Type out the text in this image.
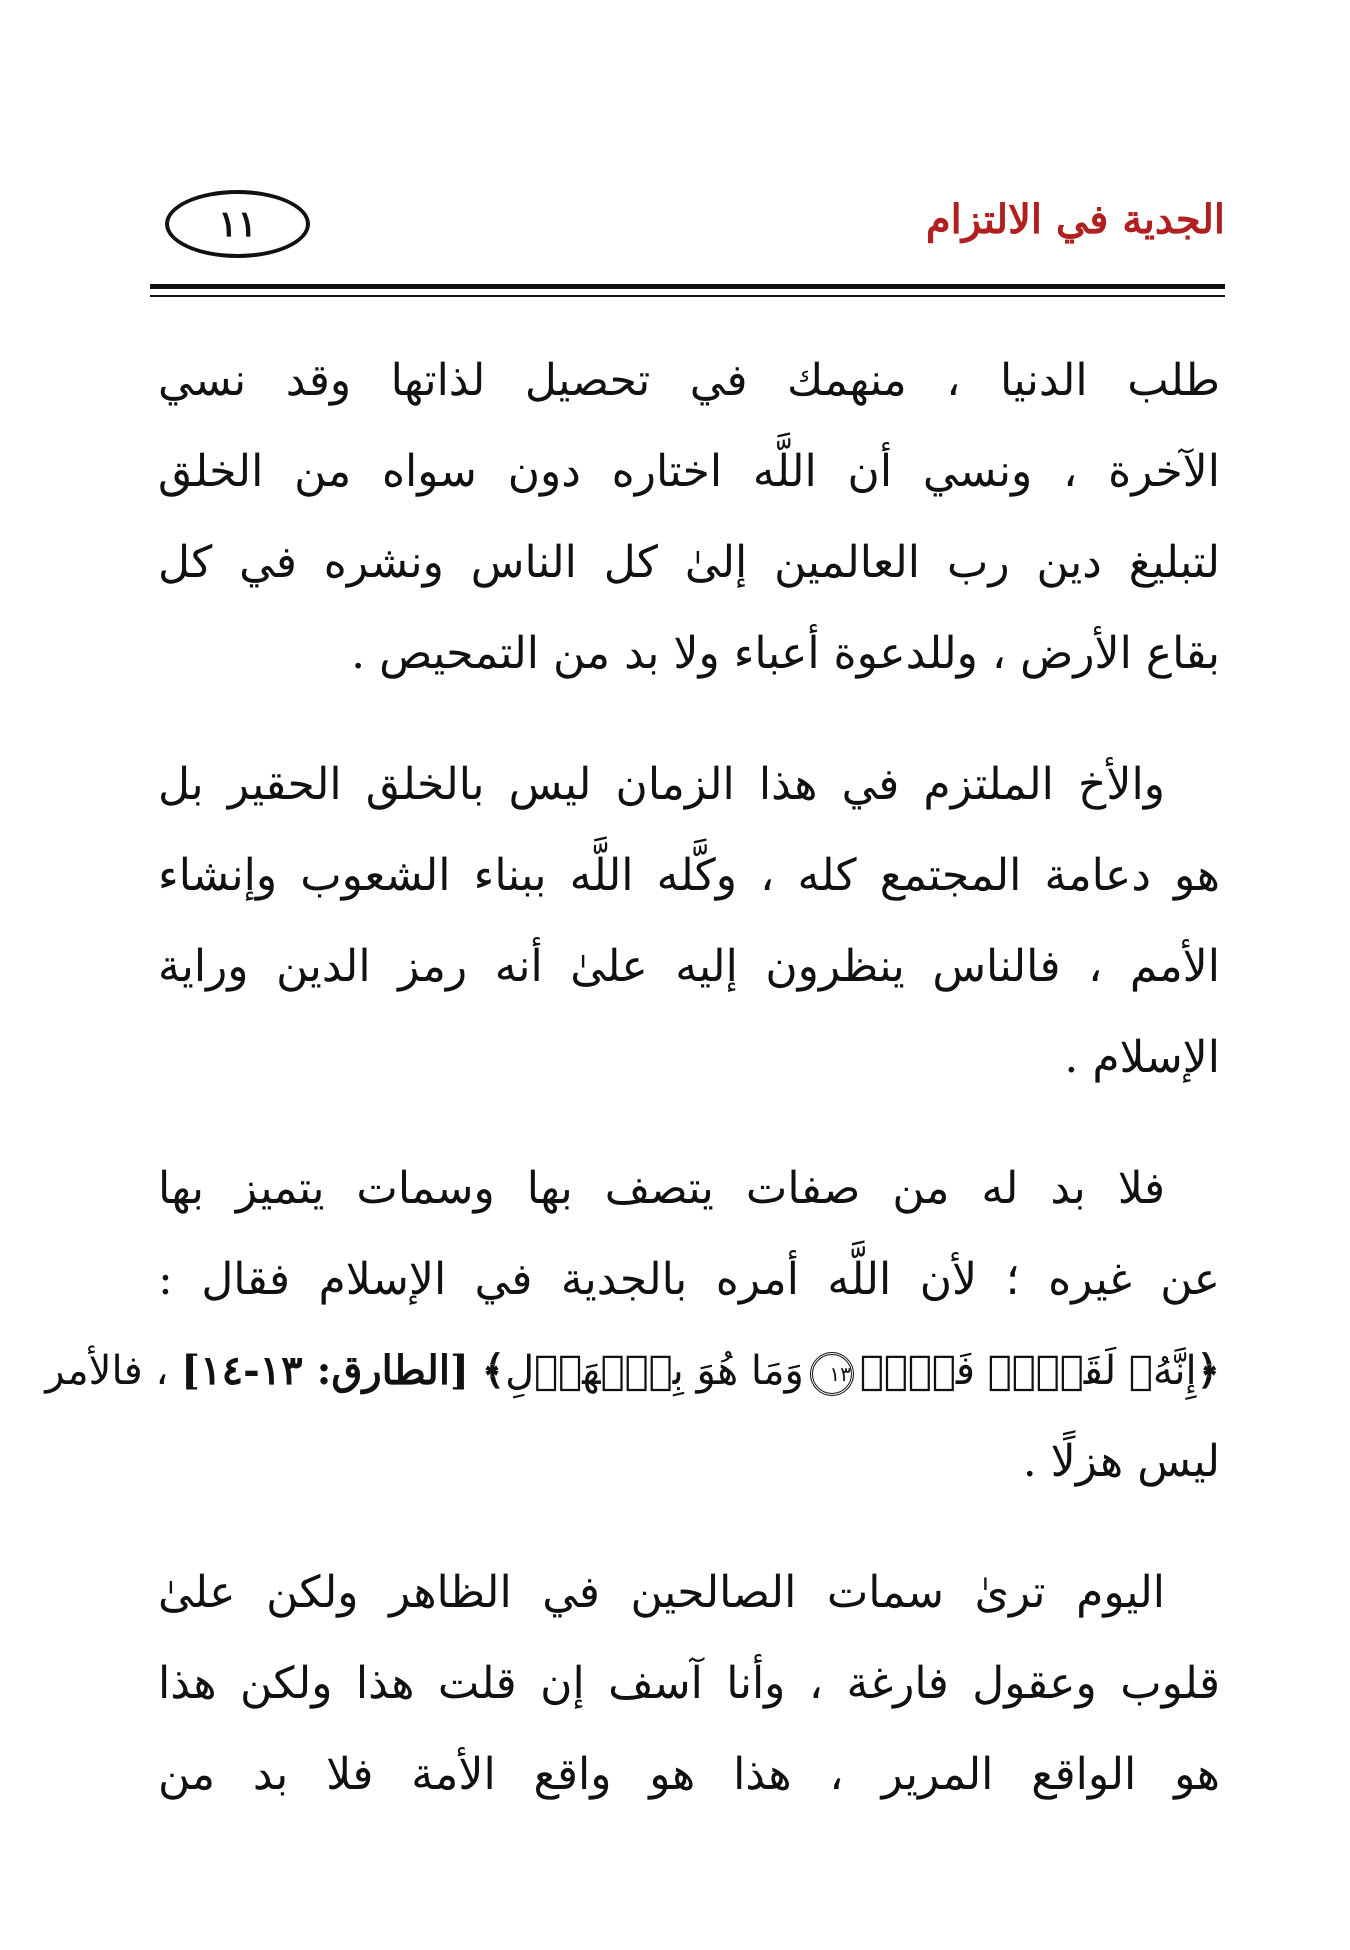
الجدية في الالتزام
١١
طلب الدنيا ، منهمك في تحصيل لذاتها وقد نسي
الآخرة ، ونسي أن اللَّه اختاره دون سواه من الخلق
لتبليغ دين رب العالمين إلىٰ كل الناس ونشره في كل
بقاع الأرض ، وللدعوة أعباء ولا بد من التمحيص .
والأخ الملتزم في هذا الزمان ليس بالخلق الحقير بل
هو دعامة المجتمع كله ، وكَّله اللَّه ببناء الشعوب وإنشاء
الأمم ، فالناس ينظرون إليه علىٰ أنه رمز الدين وراية
الإسلام .
فلا بد له من صفات يتصف بها وسمات يتميز بها
عن غيره ؛ لأن اللَّه أمره بالجدية في الإسلام فقال :
﴿إِنَّهُۥ لَقَوۡلٞ فَصۡلٞ١٣وَمَا هُوَ بِٱلۡهَزۡلِ﴾ [الطارق: ١٣-١٤] ، فالأمر
ليس هزلًا .
اليوم ترىٰ سمات الصالحين في الظاهر ولكن علىٰ
قلوب وعقول فارغة ، وأنا آسف إن قلت هذا ولكن هذا
هو الواقع المرير ، هذا هو واقع الأمة فلا بد من
